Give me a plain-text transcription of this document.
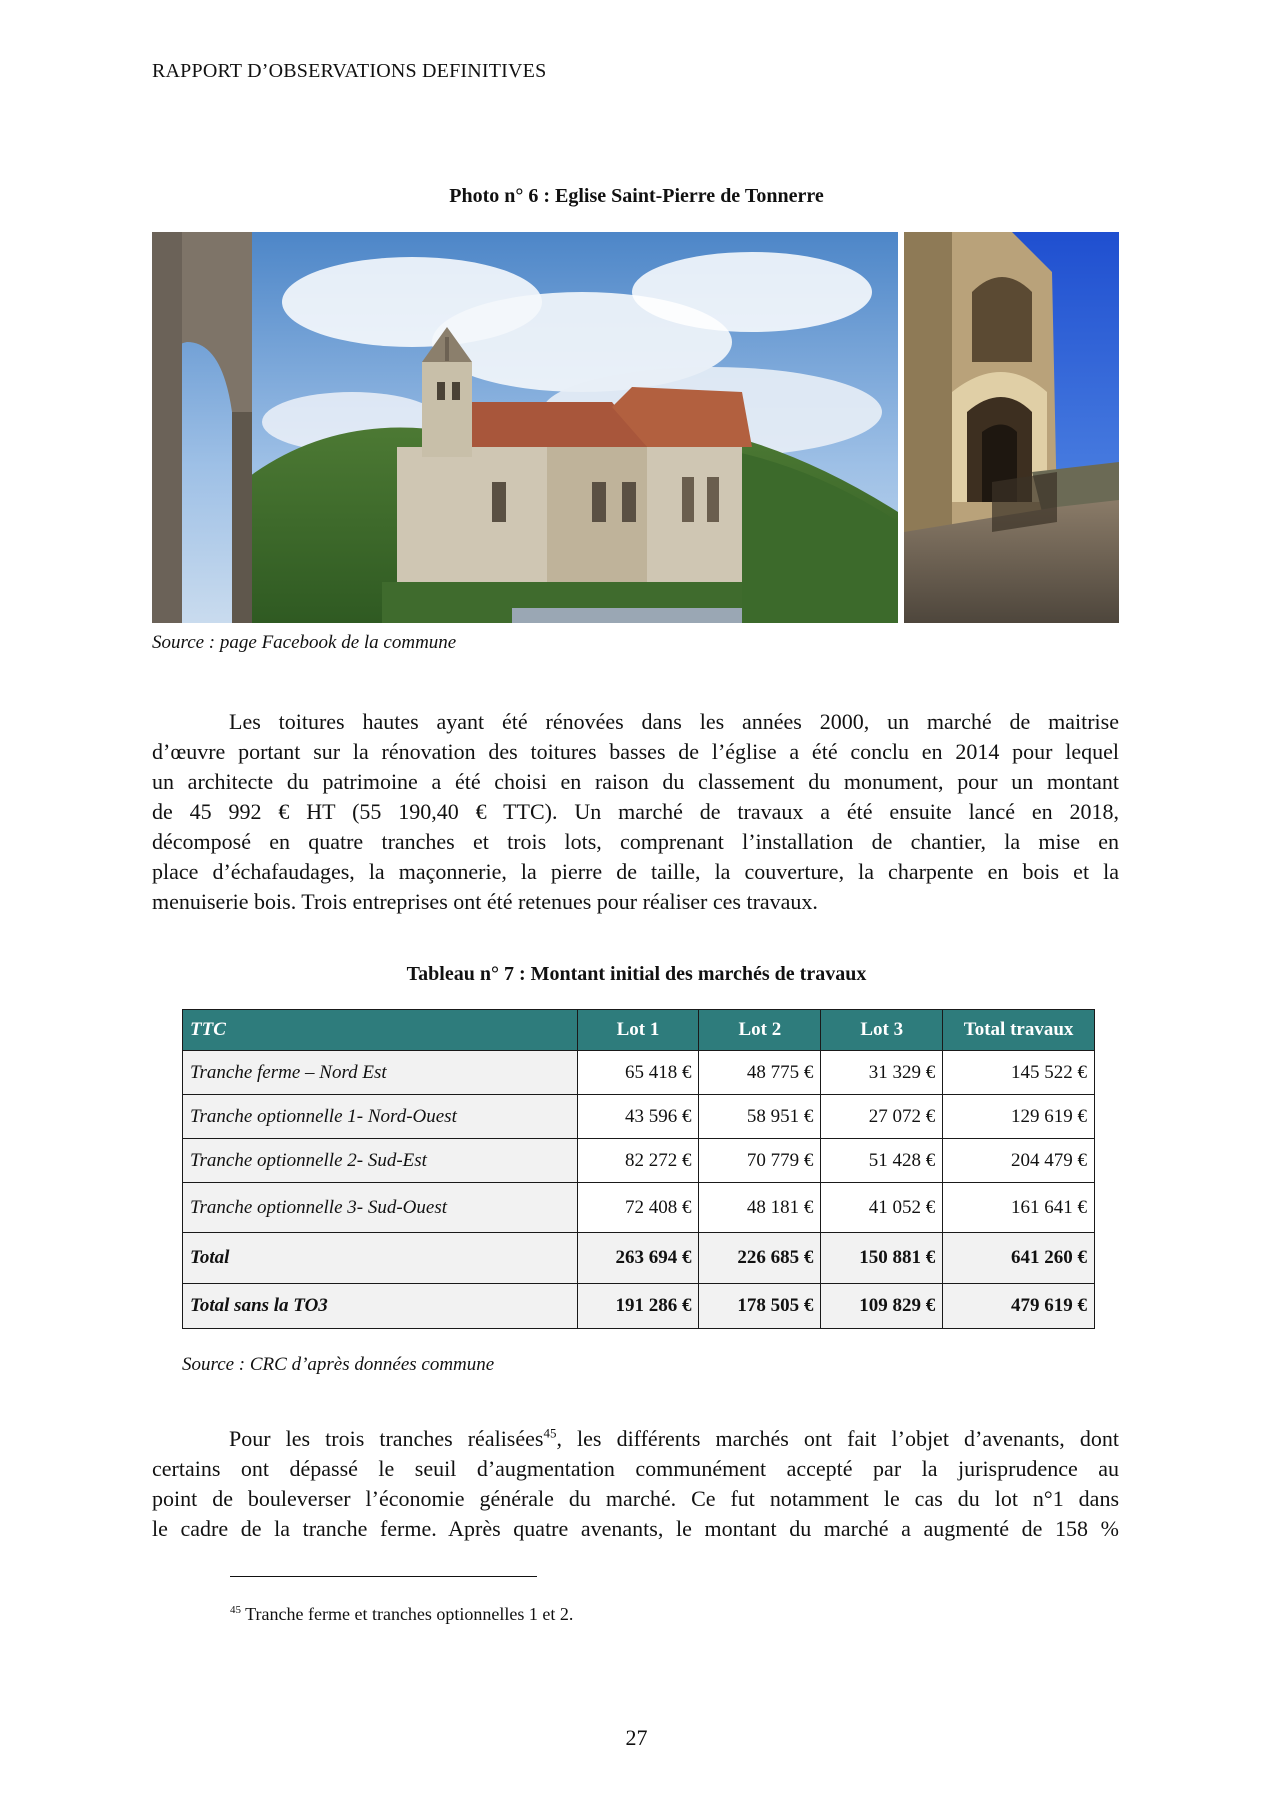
RAPPORT D’OBSERVATIONS DEFINITIVES
Photo n° 6 : Eglise Saint-Pierre de Tonnerre
Source : page Facebook de la commune
Les toitures hautes ayant été rénovées dans les années 2000, un marché de maitrise
d’œuvre portant sur la rénovation des toitures basses de l’église a été conclu en 2014 pour lequel
un architecte du patrimoine a été choisi en raison du classement du monument, pour un montant
de 45 992 € HT (55 190,40 € TTC). Un marché de travaux a été ensuite lancé en 2018,
décomposé en quatre tranches et trois lots, comprenant l’installation de chantier, la mise en
place d’échafaudages, la maçonnerie, la pierre de taille, la couverture, la charpente en bois et la
menuiserie bois. Trois entreprises ont été retenues pour réaliser ces travaux.
Tableau n° 7 : Montant initial des marchés de travaux
TTC	Lot 1	Lot 2	Lot 3	Total travaux
Tranche ferme – Nord Est	65 418 €	48 775 €	31 329 €	145 522 €
Tranche optionnelle 1- Nord-Ouest	43 596 €	58 951 €	27 072 €	129 619 €
Tranche optionnelle 2- Sud-Est	82 272 €	70 779 €	51 428 €	204 479 €
Tranche optionnelle 3- Sud-Ouest	72 408 €	48 181 €	41 052 €	161 641 €
Total	263 694 €	226 685 €	150 881 €	641 260 €
Total sans la TO3	191 286 €	178 505 €	109 829 €	479 619 €
Source : CRC d’après données commune
Pour les trois tranches réalisées$^{45}$, les différents marchés ont fait l’objet d’avenants, dont
certains ont dépassé le seuil d’augmentation communément accepté par la jurisprudence au
point de bouleverser l’économie générale du marché. Ce fut notamment le cas du lot n°1 dans
le cadre de la tranche ferme. Après quatre avenants, le montant du marché a augmenté de 158 %
$^{45}$ Tranche ferme et tranches optionnelles 1 et 2.
27
